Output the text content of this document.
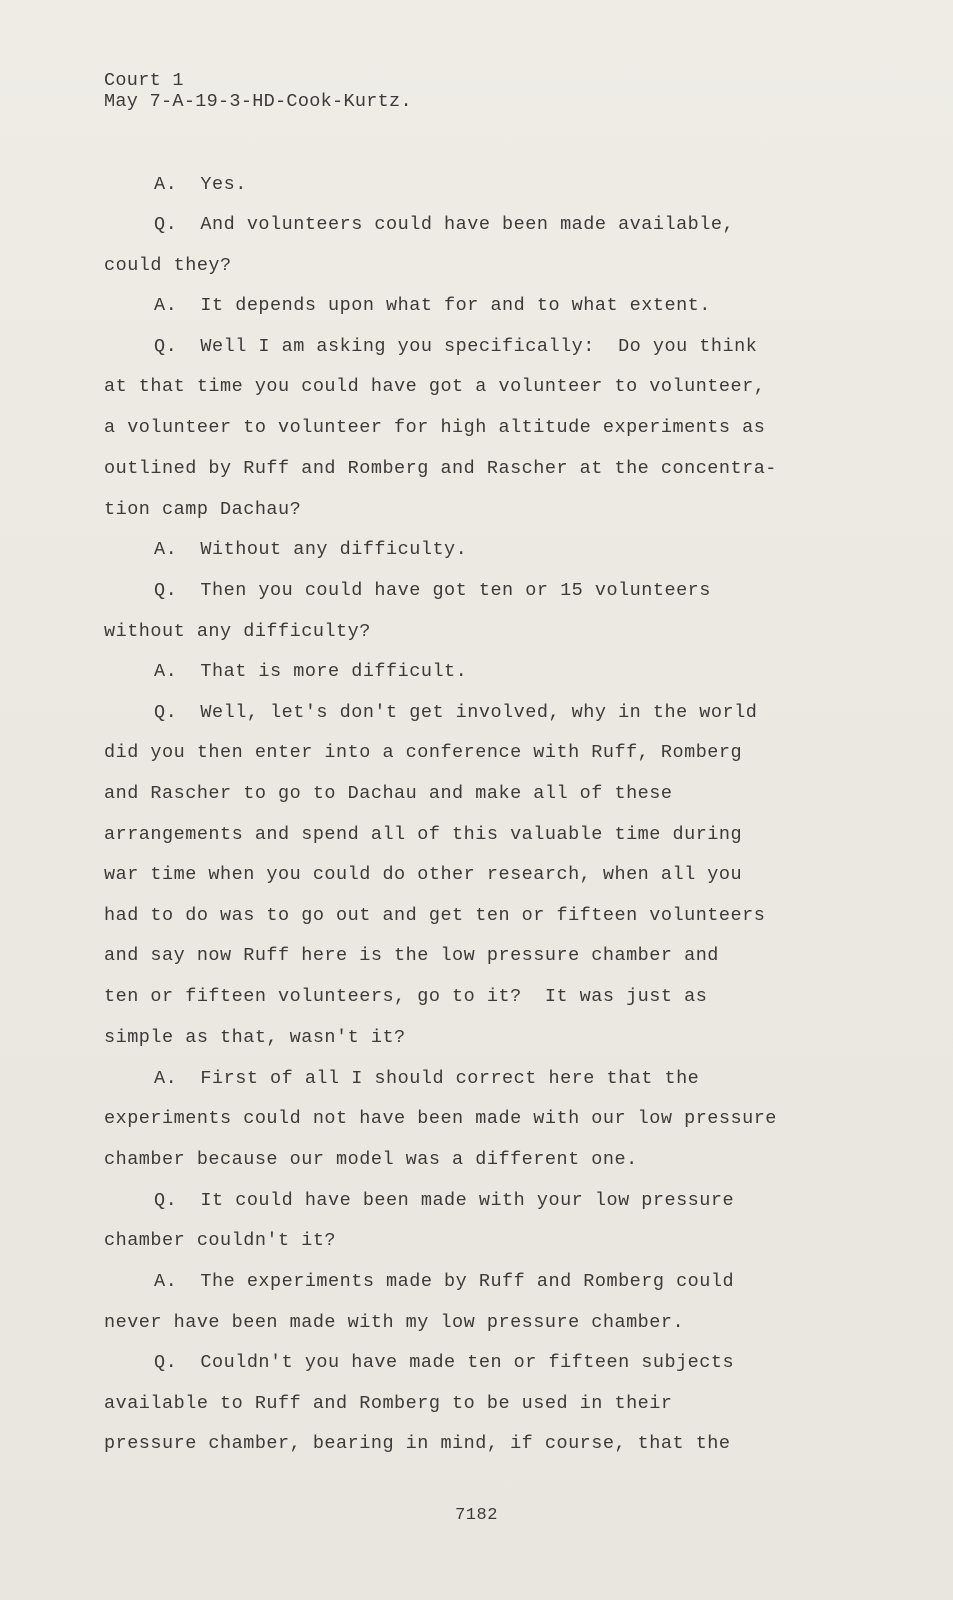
Court 1
May 7-A-19-3-HD-Cook-Kurtz.
A.  Yes.
Q.  And volunteers could have been made available,
could they?
A.  It depends upon what for and to what extent.
Q.  Well I am asking you specifically:  Do you think
at that time you could have got a volunteer to volunteer,
a volunteer to volunteer for high altitude experiments as
outlined by Ruff and Romberg and Rascher at the concentra-
tion camp Dachau?
A.  Without any difficulty.
Q.  Then you could have got ten or 15 volunteers
without any difficulty?
A.  That is more difficult.
Q.  Well, let's don't get involved, why in the world
did you then enter into a conference with Ruff, Romberg
and Rascher to go to Dachau and make all of these
arrangements and spend all of this valuable time during
war time when you could do other research, when all you
had to do was to go out and get ten or fifteen volunteers
and say now Ruff here is the low pressure chamber and
ten or fifteen volunteers, go to it?  It was just as
simple as that, wasn't it?
A.  First of all I should correct here that the
experiments could not have been made with our low pressure
chamber because our model was a different one.
Q.  It could have been made with your low pressure
chamber couldn't it?
A.  The experiments made by Ruff and Romberg could
never have been made with my low pressure chamber.
Q.  Couldn't you have made ten or fifteen subjects
available to Ruff and Romberg to be used in their
pressure chamber, bearing in mind, if course, that the
7182
